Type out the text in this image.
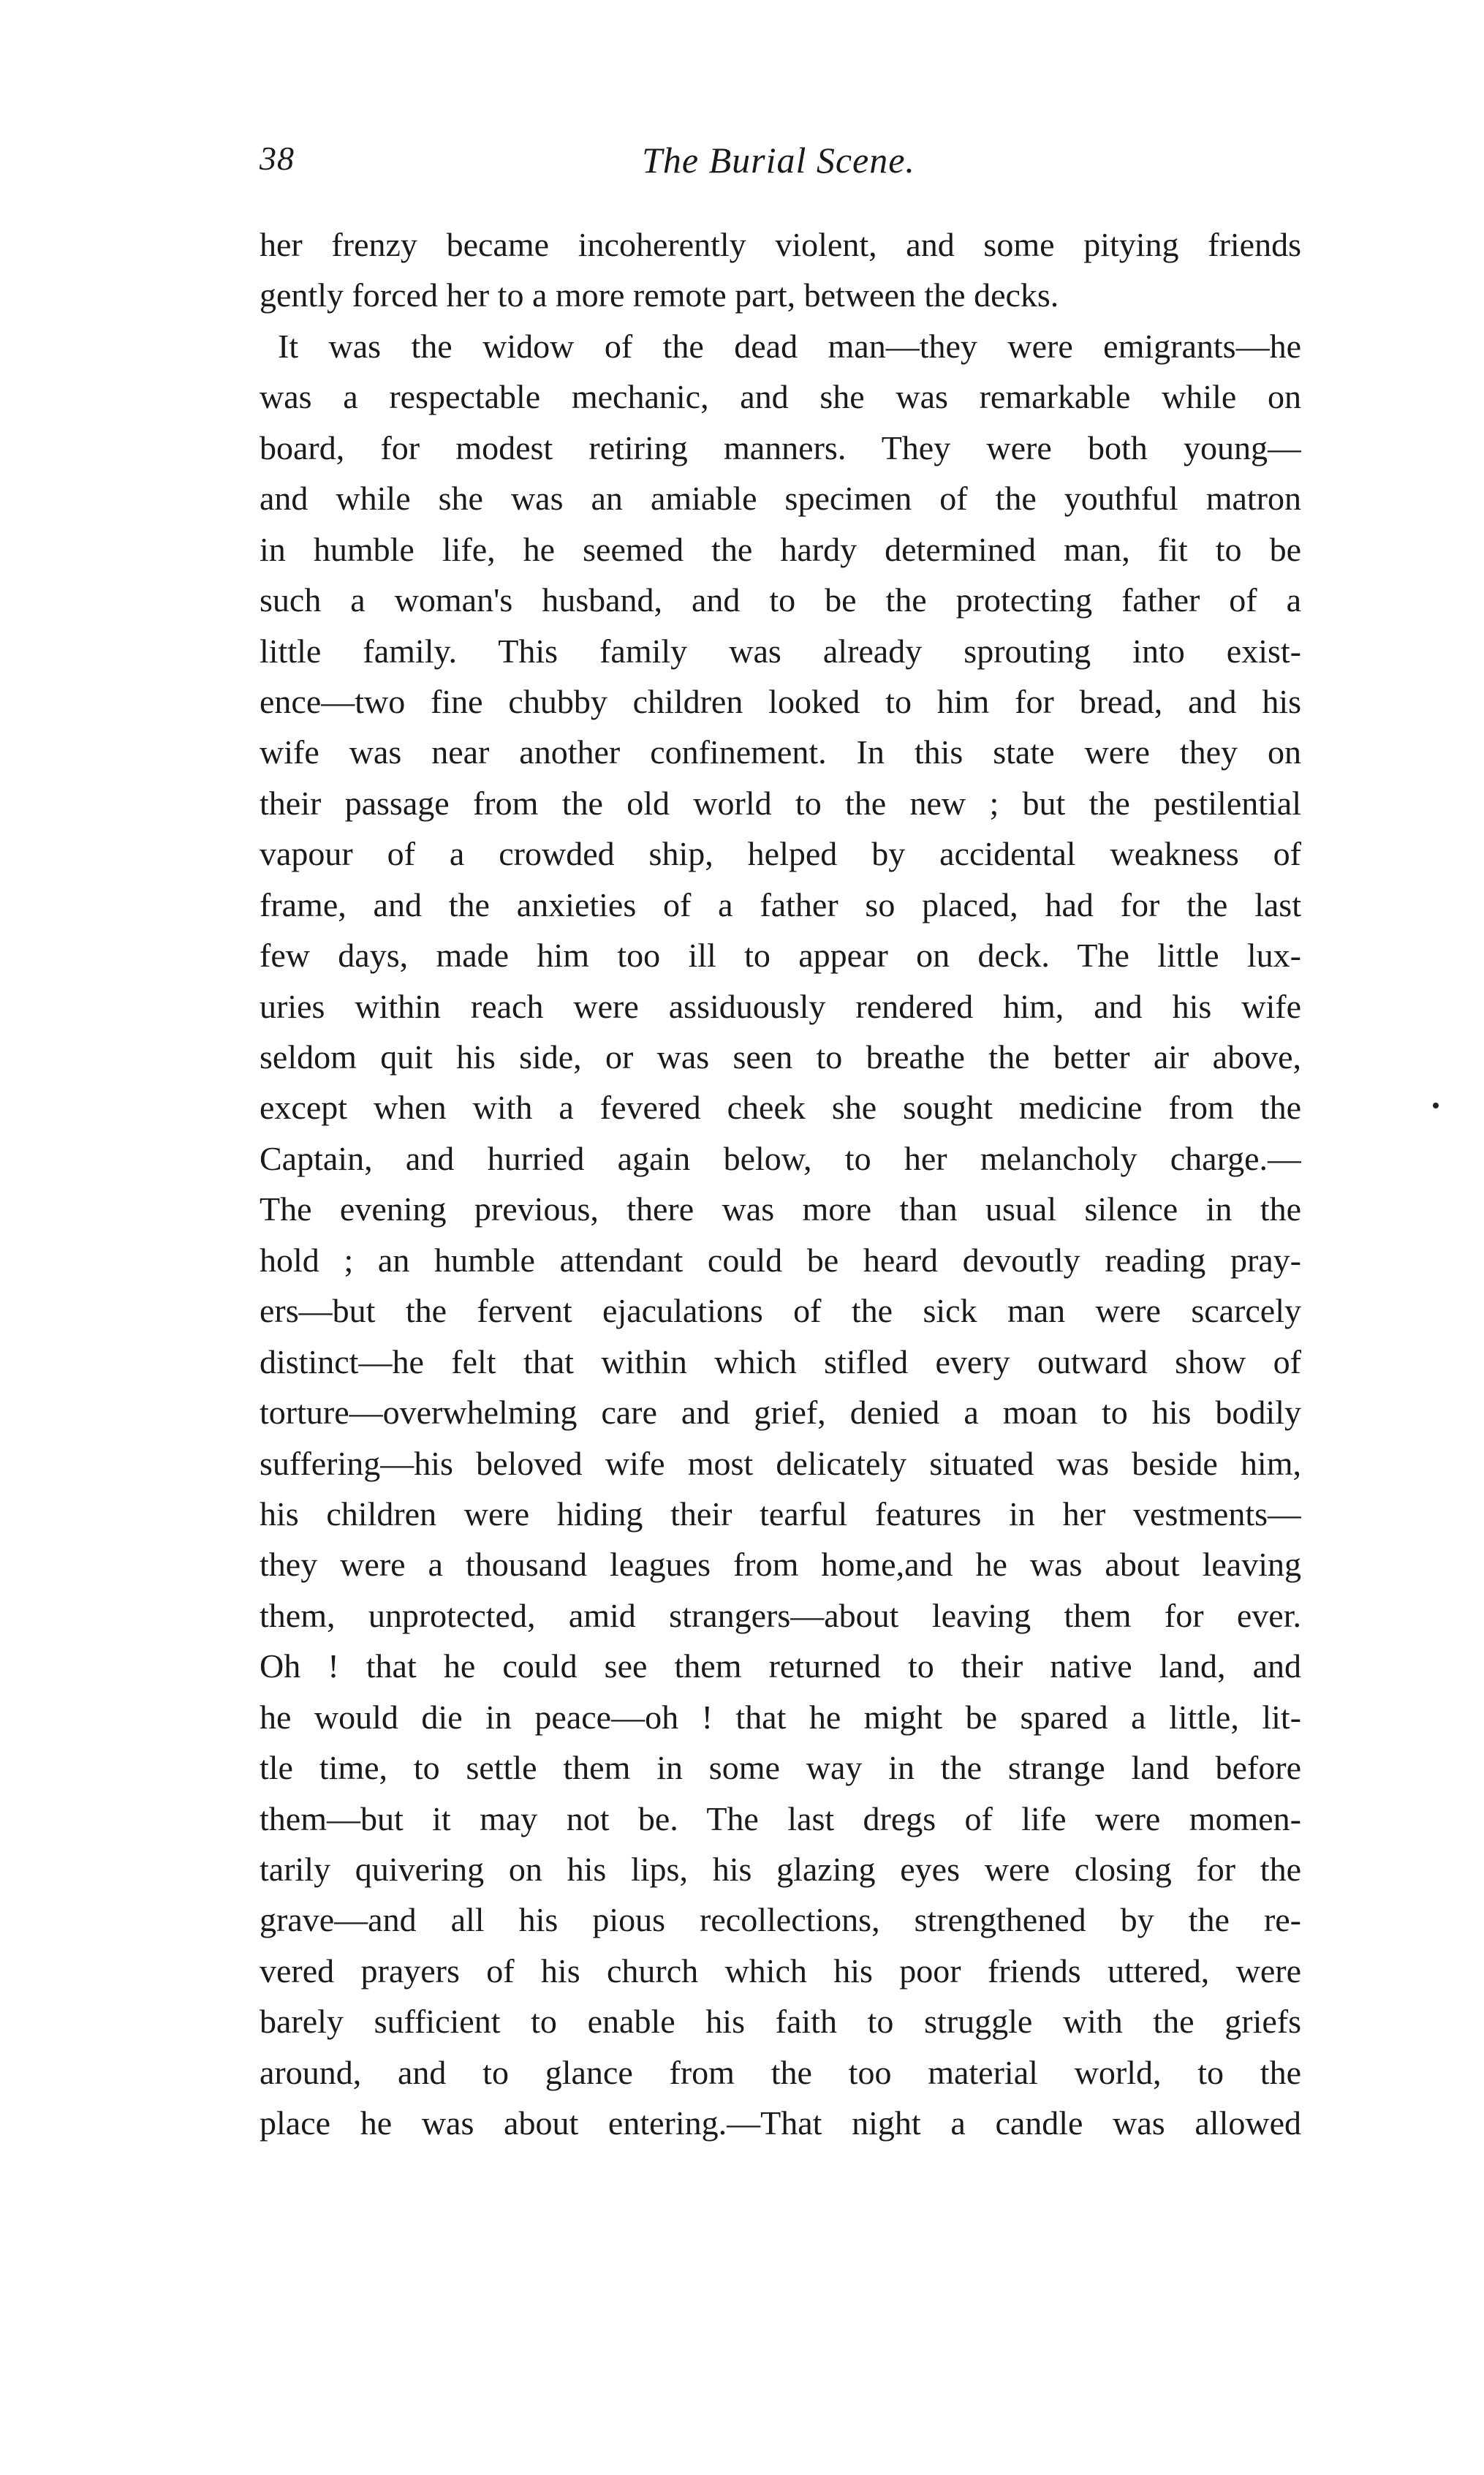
38	The Burial Scene.
her frenzy became incoherently violent, and some pitying friends
gently forced her to a more remote part, between the decks.
It was the widow of the dead man—they were emigrants—he
was a respectable mechanic, and she was remarkable while on
board, for modest retiring manners. They were both young—
and while she was an amiable specimen of the youthful matron
in humble life, he seemed the hardy determined man, fit to be
such a woman's husband, and to be the protecting father of a
little family. This family was already sprouting into exist-
ence—two fine chubby children looked to him for bread, and his
wife was near another confinement. In this state were they on
their passage from the old world to the new ; but the pestilential
vapour of a crowded ship, helped by accidental weakness of
frame, and the anxieties of a father so placed, had for the last
few days, made him too ill to appear on deck. The little lux-
uries within reach were assiduously rendered him, and his wife
seldom quit his side, or was seen to breathe the better air above,
except when with a fevered cheek she sought medicine from the
Captain, and hurried again below, to her melancholy charge.—
The evening previous, there was more than usual silence in the
hold ; an humble attendant could be heard devoutly reading pray-
ers—but the fervent ejaculations of the sick man were scarcely
distinct—he felt that within which stifled every outward show of
torture—overwhelming care and grief, denied a moan to his bodily
suffering—his beloved wife most delicately situated was beside him,
his children were hiding their tearful features in her vestments—
they were a thousand leagues from home,and he was about leaving
them, unprotected, amid strangers—about leaving them for ever.
Oh ! that he could see them returned to their native land, and
he would die in peace—oh ! that he might be spared a little, lit-
tle time, to settle them in some way in the strange land before
them—but it may not be. The last dregs of life were momen-
tarily quivering on his lips, his glazing eyes were closing for the
grave—and all his pious recollections, strengthened by the re-
vered prayers of his church which his poor friends uttered, were
barely sufficient to enable his faith to struggle with the griefs
around, and to glance from the too material world, to the
place he was about entering.—That night a candle was allowed
